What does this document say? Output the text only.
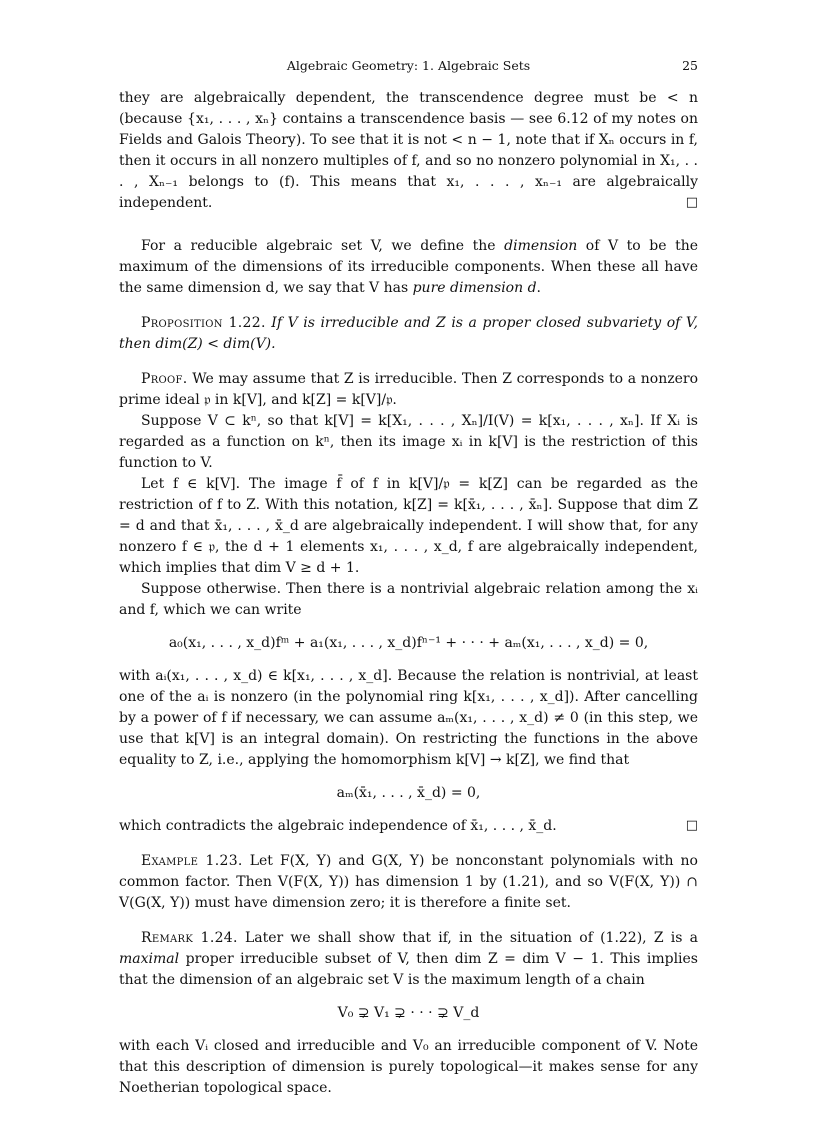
Algebraic Geometry: 1. Algebraic Sets	25

they are algebraically dependent, the transcendence degree must be < n (because {x₁, . . . , xₙ} contains a transcendence basis — see 6.12 of my notes on Fields and Galois Theory). To see that it is not < n − 1, note that if Xₙ occurs in f, then it occurs in all nonzero multiples of f, and so no nonzero polynomial in X₁, . . . , Xₙ₋₁ belongs to (f). This means that x₁, . . . , xₙ₋₁ are algebraically independent.	□

For a reducible algebraic set V, we define the dimension of V to be the maximum of the dimensions of its irreducible components. When these all have the same dimension d, we say that V has pure dimension d.

Proposition 1.22. If V is irreducible and Z is a proper closed subvariety of V, then dim(Z) < dim(V).

Proof. We may assume that Z is irreducible. Then Z corresponds to a nonzero prime ideal 𝔭 in k[V], and k[Z] = k[V]/𝔭.

Suppose V ⊂ kⁿ, so that k[V] = k[X₁, . . . , Xₙ]/I(V) = k[x₁, . . . , xₙ]. If Xᵢ is regarded as a function on kⁿ, then its image xᵢ in k[V] is the restriction of this function to V.

Let f ∈ k[V]. The image f̄ of f in k[V]/𝔭 = k[Z] can be regarded as the restriction of f to Z. With this notation, k[Z] = k[x̄₁, . . . , x̄ₙ]. Suppose that dim Z = d and that x̄₁, . . . , x̄_d are algebraically independent. I will show that, for any nonzero f ∈ 𝔭, the d + 1 elements x₁, . . . , x_d, f are algebraically independent, which implies that dim V ≥ d + 1.

Suppose otherwise. Then there is a nontrivial algebraic relation among the xᵢ and f, which we can write

a₀(x₁, . . . , x_d)fᵐ + a₁(x₁, . . . , x_d)fⁿ⁻¹ + · · · + aₘ(x₁, . . . , x_d) = 0,

with aᵢ(x₁, . . . , x_d) ∈ k[x₁, . . . , x_d]. Because the relation is nontrivial, at least one of the aᵢ is nonzero (in the polynomial ring k[x₁, . . . , x_d]). After cancelling by a power of f if necessary, we can assume aₘ(x₁, . . . , x_d) ≠ 0 (in this step, we use that k[V] is an integral domain). On restricting the functions in the above equality to Z, i.e., applying the homomorphism k[V] → k[Z], we find that

aₘ(x̄₁, . . . , x̄_d) = 0,

which contradicts the algebraic independence of x̄₁, . . . , x̄_d.	□

Example 1.23. Let F(X, Y) and G(X, Y) be nonconstant polynomials with no common factor. Then V(F(X, Y)) has dimension 1 by (1.21), and so V(F(X, Y)) ∩ V(G(X, Y)) must have dimension zero; it is therefore a finite set.

Remark 1.24. Later we shall show that if, in the situation of (1.22), Z is a maximal proper irreducible subset of V, then dim Z = dim V − 1. This implies that the dimension of an algebraic set V is the maximum length of a chain

V₀ ⊋ V₁ ⊋ · · · ⊋ V_d

with each Vᵢ closed and irreducible and V₀ an irreducible component of V. Note that this description of dimension is purely topological—it makes sense for any Noetherian topological space.
